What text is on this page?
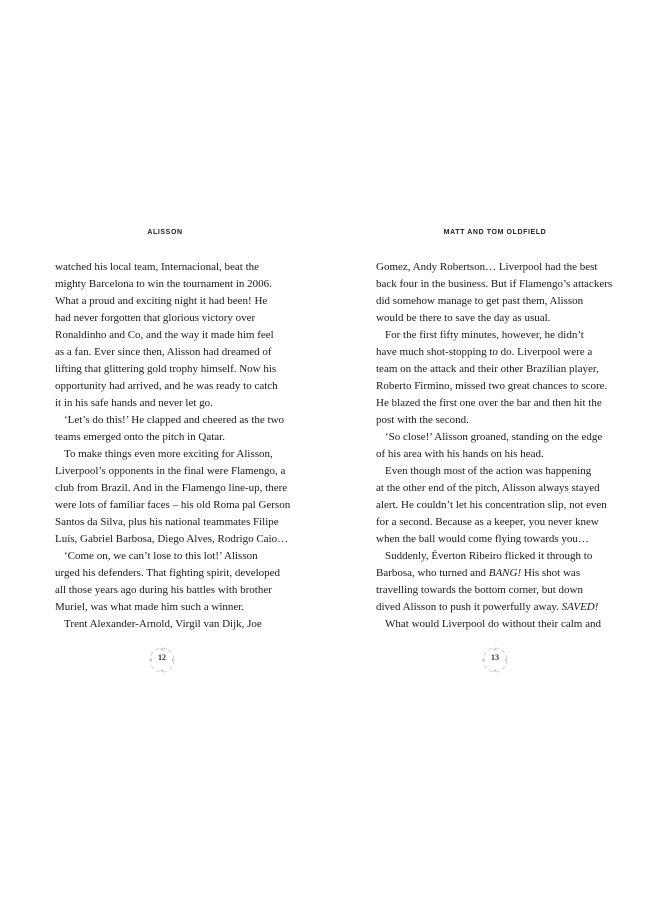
ALISSON
watched his local team, Internacional, beat the
mighty Barcelona to win the tournament in 2006.
What a proud and exciting night it had been! He
had never forgotten that glorious victory over
Ronaldinho and Co, and the way it made him feel
as a fan. Ever since then, Alisson had dreamed of
lifting that glittering gold trophy himself. Now his
opportunity had arrived, and he was ready to catch
it in his safe hands and never let go.
‘Let’s do this!’ He clapped and cheered as the two
teams emerged onto the pitch in Qatar.
To make things even more exciting for Alisson,
Liverpool’s opponents in the final were Flamengo, a
club from Brazil. And in the Flamengo line-up, there
were lots of familiar faces – his old Roma pal Gerson
Santos da Silva, plus his national teammates Filipe
Luís, Gabriel Barbosa, Diego Alves, Rodrigo Caio…
‘Come on, we can’t lose to this lot!’ Alisson
urged his defenders. That fighting spirit, developed
all those years ago during his battles with brother
Muriel, was what made him such a winner.
Trent Alexander-Arnold, Virgil van Dijk, Joe
12
MATT AND TOM OLDFIELD
Gomez, Andy Robertson… Liverpool had the best
back four in the business. But if Flamengo’s attackers
did somehow manage to get past them, Alisson
would be there to save the day as usual.
For the first fifty minutes, however, he didn’t
have much shot-stopping to do. Liverpool were a
team on the attack and their other Brazilian player,
Roberto Firmino, missed two great chances to score.
He blazed the first one over the bar and then hit the
post with the second.
‘So close!’ Alisson groaned, standing on the edge
of his area with his hands on his head.
Even though most of the action was happening
at the other end of the pitch, Alisson always stayed
alert. He couldn’t let his concentration slip, not even
for a second. Because as a keeper, you never knew
when the ball would come flying towards you…
Suddenly, Éverton Ribeiro flicked it through to
Barbosa, who turned and BANG! His shot was
travelling towards the bottom corner, but down
dived Alisson to push it powerfully away. SAVED!
What would Liverpool do without their calm and
13
